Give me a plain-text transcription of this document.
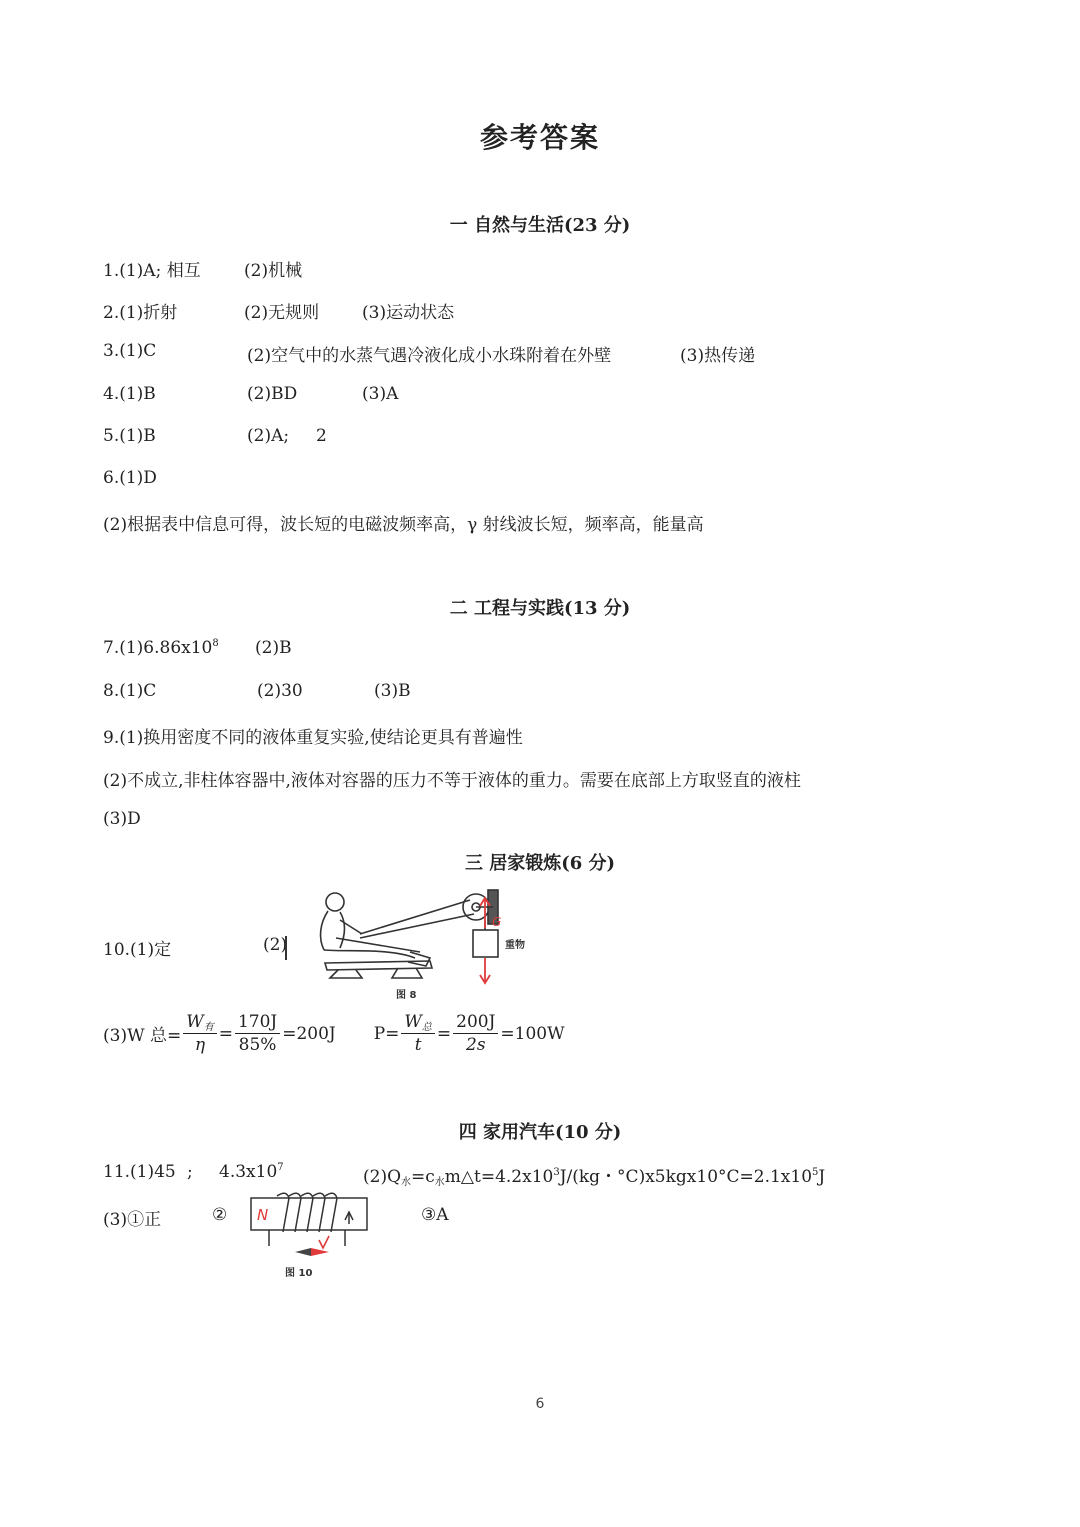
参考答案
一 自然与生活(23 分)
1.(1)A; 相互	(2)机械
2.(1)折射	(2)无规则	(3)运动状态
3.(1)C	(2)空气中的水蒸气遇冷液化成小水珠附着在外壁	(3)热传递
4.(1)B	(2)BD	(3)A
5.(1)B	(2)A; 2
6.(1)D
(2)根据表中信息可得，波长短的电磁波频率高，γ 射线波长短，频率高，能量高
二 工程与实践(13 分)
$7.(1)6.86x10^8$ (2)B
8.(1)C	(2)30	(3)B
9.(1)换用密度不同的液体重复实验,使结论更具有普遍性
(2)不成立,非柱体容器中,液体对容器的压力不等于液体的重力。需要在底部上方取竖直的液柱
(3)D
三 居家锻炼(6 分)
10.(1)定	(2)
G
重物
图 8
(3)W 总= $\frac{W_有}{\eta} = \frac{170J}{85\%} =200J$ $P= \frac{W_总}{t} = \frac{200J}{2s} =100W$
四 家用汽车(10 分)
11.(1)45 ; $4.3x10^7$	$(2)Q_水=c_水m\triangle t=4.2x10^3J/(kg$・$^\circ C)x5kgx10^\circ C=2.1x10^5J$
(3)①正	②	③A
N
图 10
6
